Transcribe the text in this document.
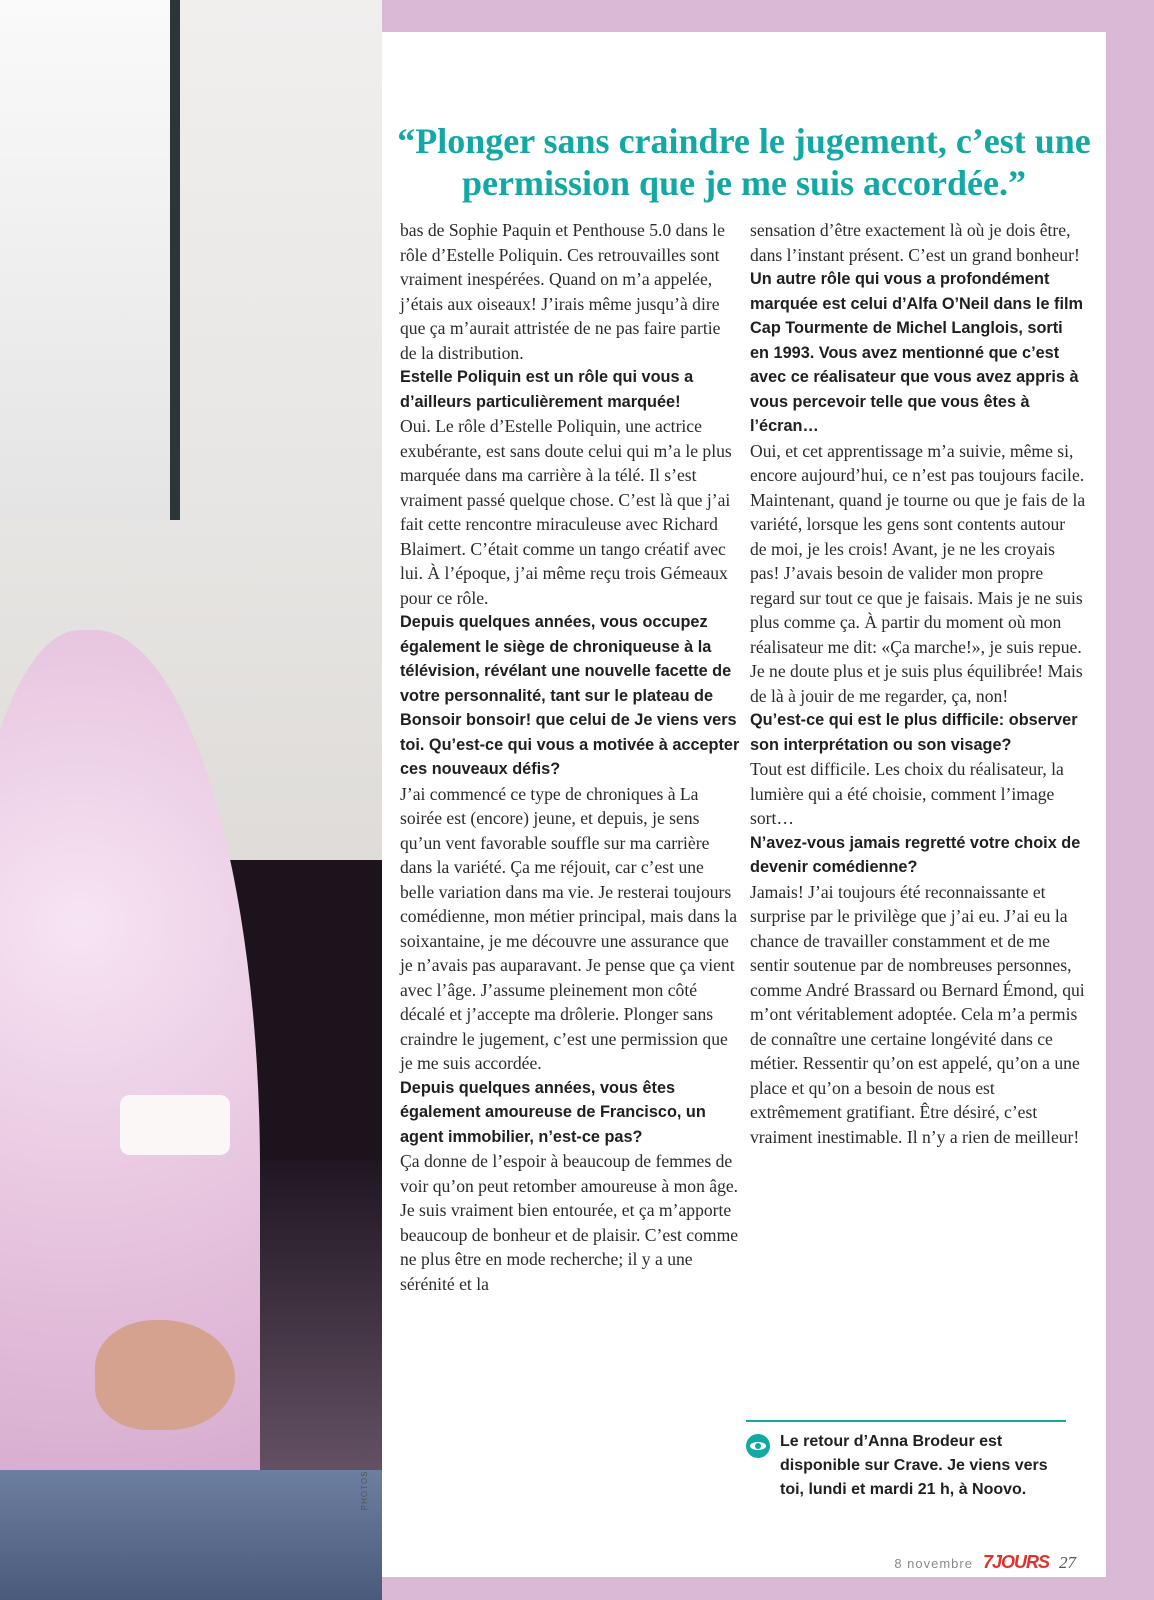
PHOTOS: (C)
“Plonger sans craindre le jugement, c’est une permission que je me suis accordée.”

bas de Sophie Paquin et Penthouse 5.0 dans le rôle d’Estelle Poliquin. Ces retrouvailles sont vraiment inespérées. Quand on m’a appelée, j’étais aux oiseaux! J’irais même jusqu’à dire que ça m’aurait attristée de ne pas faire partie de la distribution.

Estelle Poliquin est un rôle qui vous a d’ailleurs particulièrement marquée!

Oui. Le rôle d’Estelle Poliquin, une actrice exubérante, est sans doute celui qui m’a le plus marquée dans ma carrière à la télé. Il s’est vraiment passé quelque chose. C’est là que j’ai fait cette rencontre miraculeuse avec Richard Blaimert. C’était comme un tango créatif avec lui. À l’époque, j’ai même reçu trois Gémeaux pour ce rôle.

Depuis quelques années, vous occupez également le siège de chroniqueuse à la télévision, révélant une nouvelle facette de votre personnalité, tant sur le plateau de Bonsoir bonsoir! que celui de Je viens vers toi. Qu’est-ce qui vous a motivée à accepter ces nouveaux défis?

J’ai commencé ce type de chroniques à La soirée est (encore) jeune, et depuis, je sens qu’un vent favorable souffle sur ma carrière dans la variété. Ça me réjouit, car c’est une belle variation dans ma vie. Je resterai toujours comédienne, mon métier principal, mais dans la soixantaine, je me découvre une assurance que je n’avais pas auparavant. Je pense que ça vient avec l’âge. J’assume pleinement mon côté décalé et j’accepte ma drôlerie. Plonger sans craindre le jugement, c’est une permission que je me suis accordée.

Depuis quelques années, vous êtes également amoureuse de Francisco, un agent immobilier, n’est-ce pas?

Ça donne de l’espoir à beaucoup de femmes de voir qu’on peut retomber amoureuse à mon âge. Je suis vraiment bien entourée, et ça m’apporte beaucoup de bonheur et de plaisir. C’est comme ne plus être en mode recherche; il y a une sérénité et la

sensation d’être exactement là où je dois être, dans l’instant présent. C’est un grand bonheur!

Un autre rôle qui vous a profondément marquée est celui d’Alfa O’Neil dans le film Cap Tourmente de Michel Langlois, sorti en 1993. Vous avez mentionné que c’est avec ce réalisateur que vous avez appris à vous percevoir telle que vous êtes à l’écran…

Oui, et cet apprentissage m’a suivie, même si, encore aujourd’hui, ce n’est pas toujours facile. Maintenant, quand je tourne ou que je fais de la variété, lorsque les gens sont contents autour de moi, je les crois! Avant, je ne les croyais pas! J’avais besoin de valider mon propre regard sur tout ce que je faisais. Mais je ne suis plus comme ça. À partir du moment où mon réalisateur me dit: «Ça marche!», je suis repue. Je ne doute plus et je suis plus équilibrée! Mais de là à jouir de me regarder, ça, non!

Qu’est-ce qui est le plus difficile: observer son interprétation ou son visage?

Tout est difficile. Les choix du réalisateur, la lumière qui a été choisie, comment l’image sort…

N’avez-vous jamais regretté votre choix de devenir comédienne?

Jamais! J’ai toujours été reconnaissante et surprise par le privilège que j’ai eu. J’ai eu la chance de travailler constamment et de me sentir soutenue par de nombreuses personnes, comme André Brassard ou Bernard Émond, qui m’ont véritablement adoptée. Cela m’a permis de connaître une certaine longévité dans ce métier. Ressentir qu’on est appelé, qu’on a une place et qu’on a besoin de nous est extrêmement gratifiant. Être désiré, c’est vraiment inestimable. Il n’y a rien de meilleur!

Le retour d’Anna Brodeur est disponible sur Crave. Je viens vers toi, lundi et mardi 21 h, à Noovo.
8 novembre 7JOURS 27
